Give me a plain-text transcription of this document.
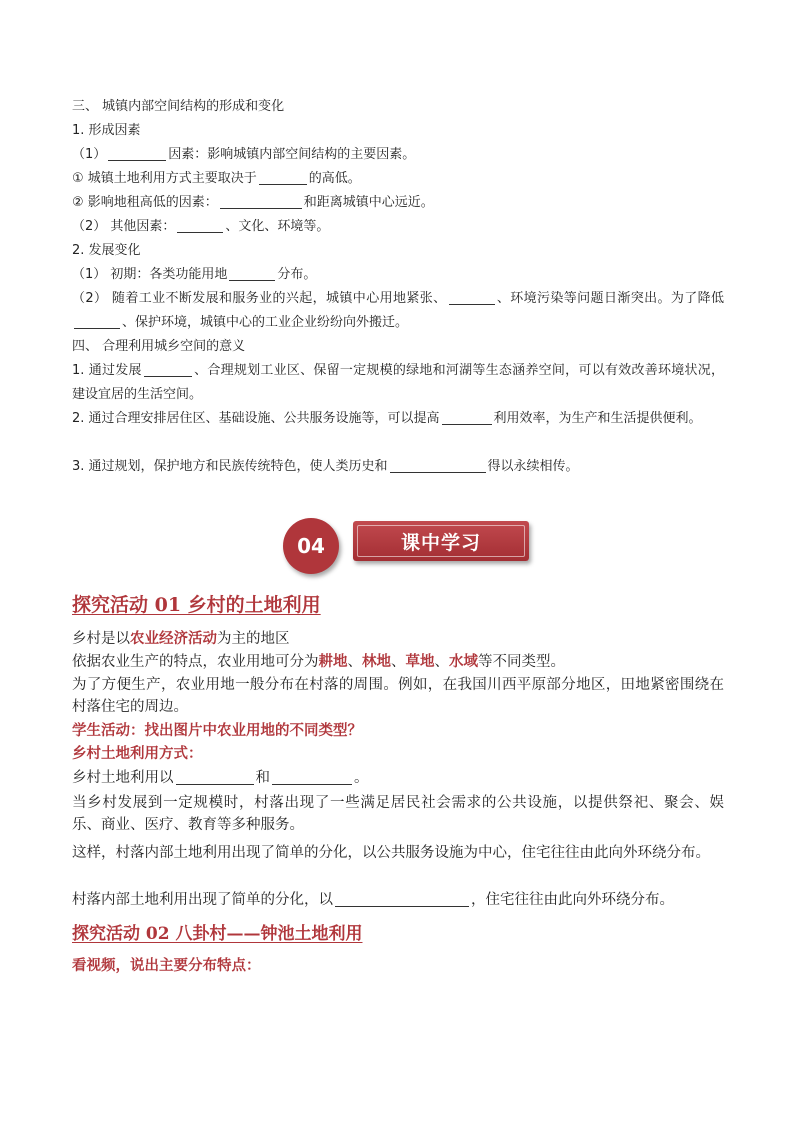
三、 城镇内部空间结构的形成和变化
1. 形成因素
（1）	因素：影响城镇内部空间结构的主要因素。
① 城镇土地利用方式主要取决于	的高低。
② 影响地租高低的因素：	和距离城镇中心远近。
（2） 其他因素：	、文化、环境等。
2. 发展变化
（1） 初期：各类功能用地	分布。
（2） 随着工业不断发展和服务业的兴起，城镇中心用地紧张、	、环境污染等问题日渐突出。为了降低、保护环境，城镇中心的工业企业纷纷向外搬迁。
四、 合理利用城乡空间的意义
1. 通过发展	、合理规划工业区、保留一定规模的绿地和河湖等生态涵养空间，可以有效改善环境状况，建设宜居的生活空间。
2. 通过合理安排居住区、基础设施、公共服务设施等，可以提高	利用效率，为生产和生活提供便利。
3. 通过规划，保护地方和民族传统特色，使人类历史和	得以永续相传。
04	课中学习
探究活动 01 乡村的土地利用
乡村是以农业经济活动为主的地区
依据农业生产的特点，农业用地可分为耕地、林地、草地、水域等不同类型。
为了方便生产，农业用地一般分布在村落的周围。例如，在我国川西平原部分地区，田地紧密围绕在村落住宅的周边。
学生活动：找出图片中农业用地的不同类型？
乡村土地利用方式：
乡村土地利用以	和	。
当乡村发展到一定规模时，村落出现了一些满足居民社会需求的公共设施，以提供祭祀、聚会、娱乐、商业、医疗、教育等多种服务。
这样，村落内部土地利用出现了简单的分化，以公共服务设施为中心，住宅往往由此向外环绕分布。
村落内部土地利用出现了简单的分化，以	，住宅往往由此向外环绕分布。
探究活动 02 八卦村——钟池土地利用
看视频，说出主要分布特点：
